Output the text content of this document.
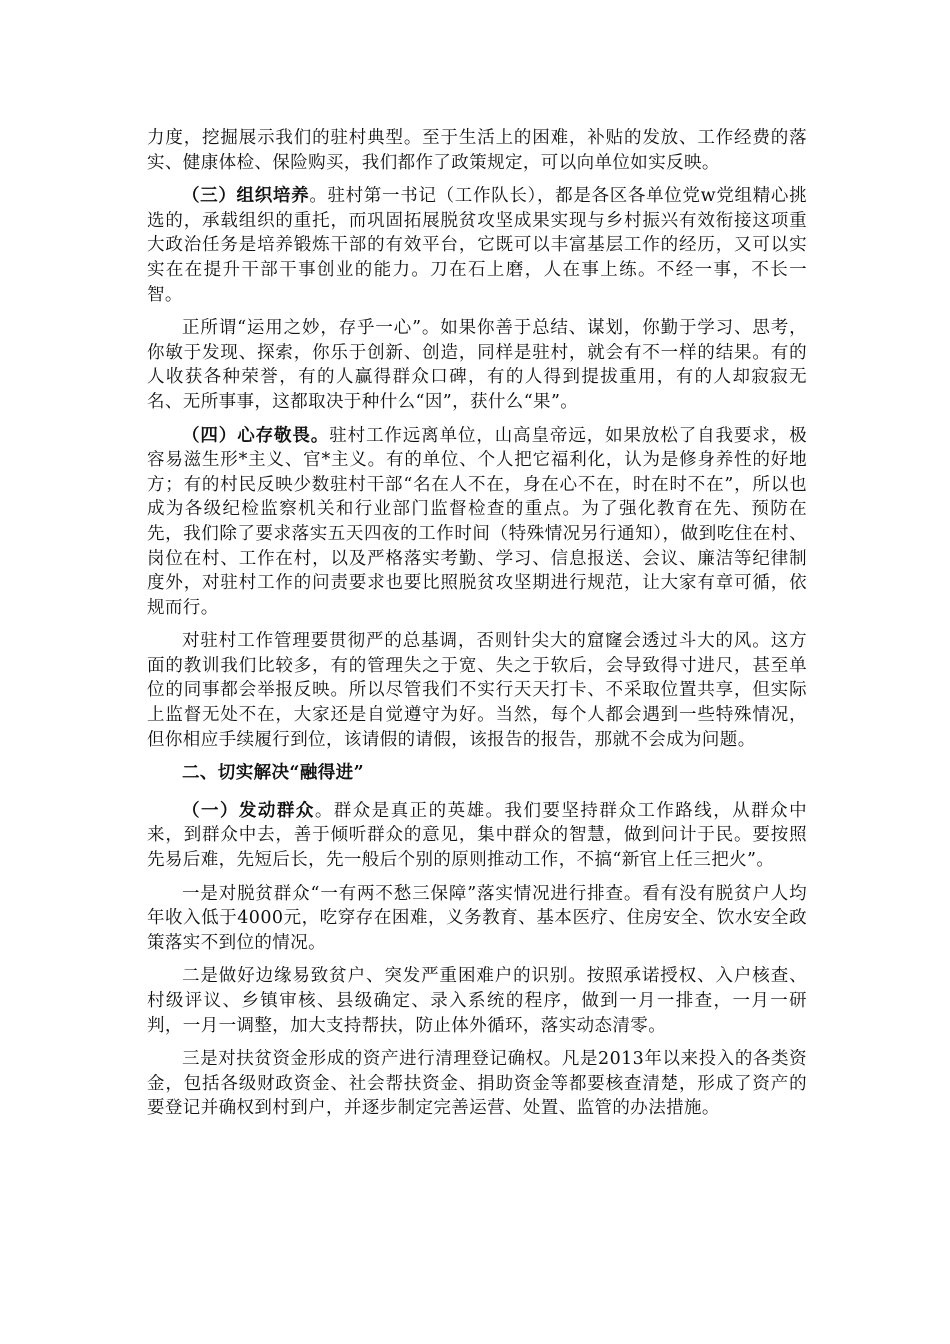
力度，挖掘展示我们的驻村典型。至于生活上的困难，补贴的发放、工作经费的落实、健康体检、保险购买，我们都作了政策规定，可以向单位如实反映。

（三）组织培养。驻村第一书记（工作队长），都是各区各单位党w党组精心挑选的，承载组织的重托，而巩固拓展脱贫攻坚成果实现与乡村振兴有效衔接这项重大政治任务是培养锻炼干部的有效平台，它既可以丰富基层工作的经历，又可以实实在在提升干部干事创业的能力。刀在石上磨，人在事上练。不经一事，不长一智。

正所谓“运用之妙，存乎一心”。如果你善于总结、谋划，你勤于学习、思考，你敏于发现、探索，你乐于创新、创造，同样是驻村，就会有不一样的结果。有的人收获各种荣誉，有的人赢得群众口碑，有的人得到提拔重用，有的人却寂寂无名、无所事事，这都取决于种什么“因”，获什么“果”。

（四）心存敬畏。驻村工作远离单位，山高皇帝远，如果放松了自我要求，极容易滋生形*主义、官*主义。有的单位、个人把它福利化，认为是修身养性的好地方；有的村民反映少数驻村干部“名在人不在，身在心不在，时在时不在”，所以也成为各级纪检监察机关和行业部门监督检查的重点。为了强化教育在先、预防在先，我们除了要求落实五天四夜的工作时间（特殊情况另行通知），做到吃住在村、岗位在村、工作在村，以及严格落实考勤、学习、信息报送、会议、廉洁等纪律制度外，对驻村工作的问责要求也要比照脱贫攻坚期进行规范，让大家有章可循，依规而行。

对驻村工作管理要贯彻严的总基调，否则针尖大的窟窿会透过斗大的风。这方面的教训我们比较多，有的管理失之于宽、失之于软后，会导致得寸进尺，甚至单位的同事都会举报反映。所以尽管我们不实行天天打卡、不采取位置共享，但实际上监督无处不在，大家还是自觉遵守为好。当然，每个人都会遇到一些特殊情况，但你相应手续履行到位，该请假的请假，该报告的报告，那就不会成为问题。

二、切实解决“融得进”

（一）发动群众。群众是真正的英雄。我们要坚持群众工作路线，从群众中来，到群众中去，善于倾听群众的意见，集中群众的智慧，做到问计于民。要按照先易后难，先短后长，先一般后个别的原则推动工作，不搞“新官上任三把火”。

一是对脱贫群众“一有两不愁三保障”落实情况进行排查。看有没有脱贫户人均年收入低于4000元，吃穿存在困难，义务教育、基本医疗、住房安全、饮水安全政策落实不到位的情况。

二是做好边缘易致贫户、突发严重困难户的识别。按照承诺授权、入户核查、村级评议、乡镇审核、县级确定、录入系统的程序，做到一月一排查，一月一研判，一月一调整，加大支持帮扶，防止体外循环，落实动态清零。

三是对扶贫资金形成的资产进行清理登记确权。凡是2013年以来投入的各类资金，包括各级财政资金、社会帮扶资金、捐助资金等都要核查清楚，形成了资产的要登记并确权到村到户，并逐步制定完善运营、处置、监管的办法措施。
